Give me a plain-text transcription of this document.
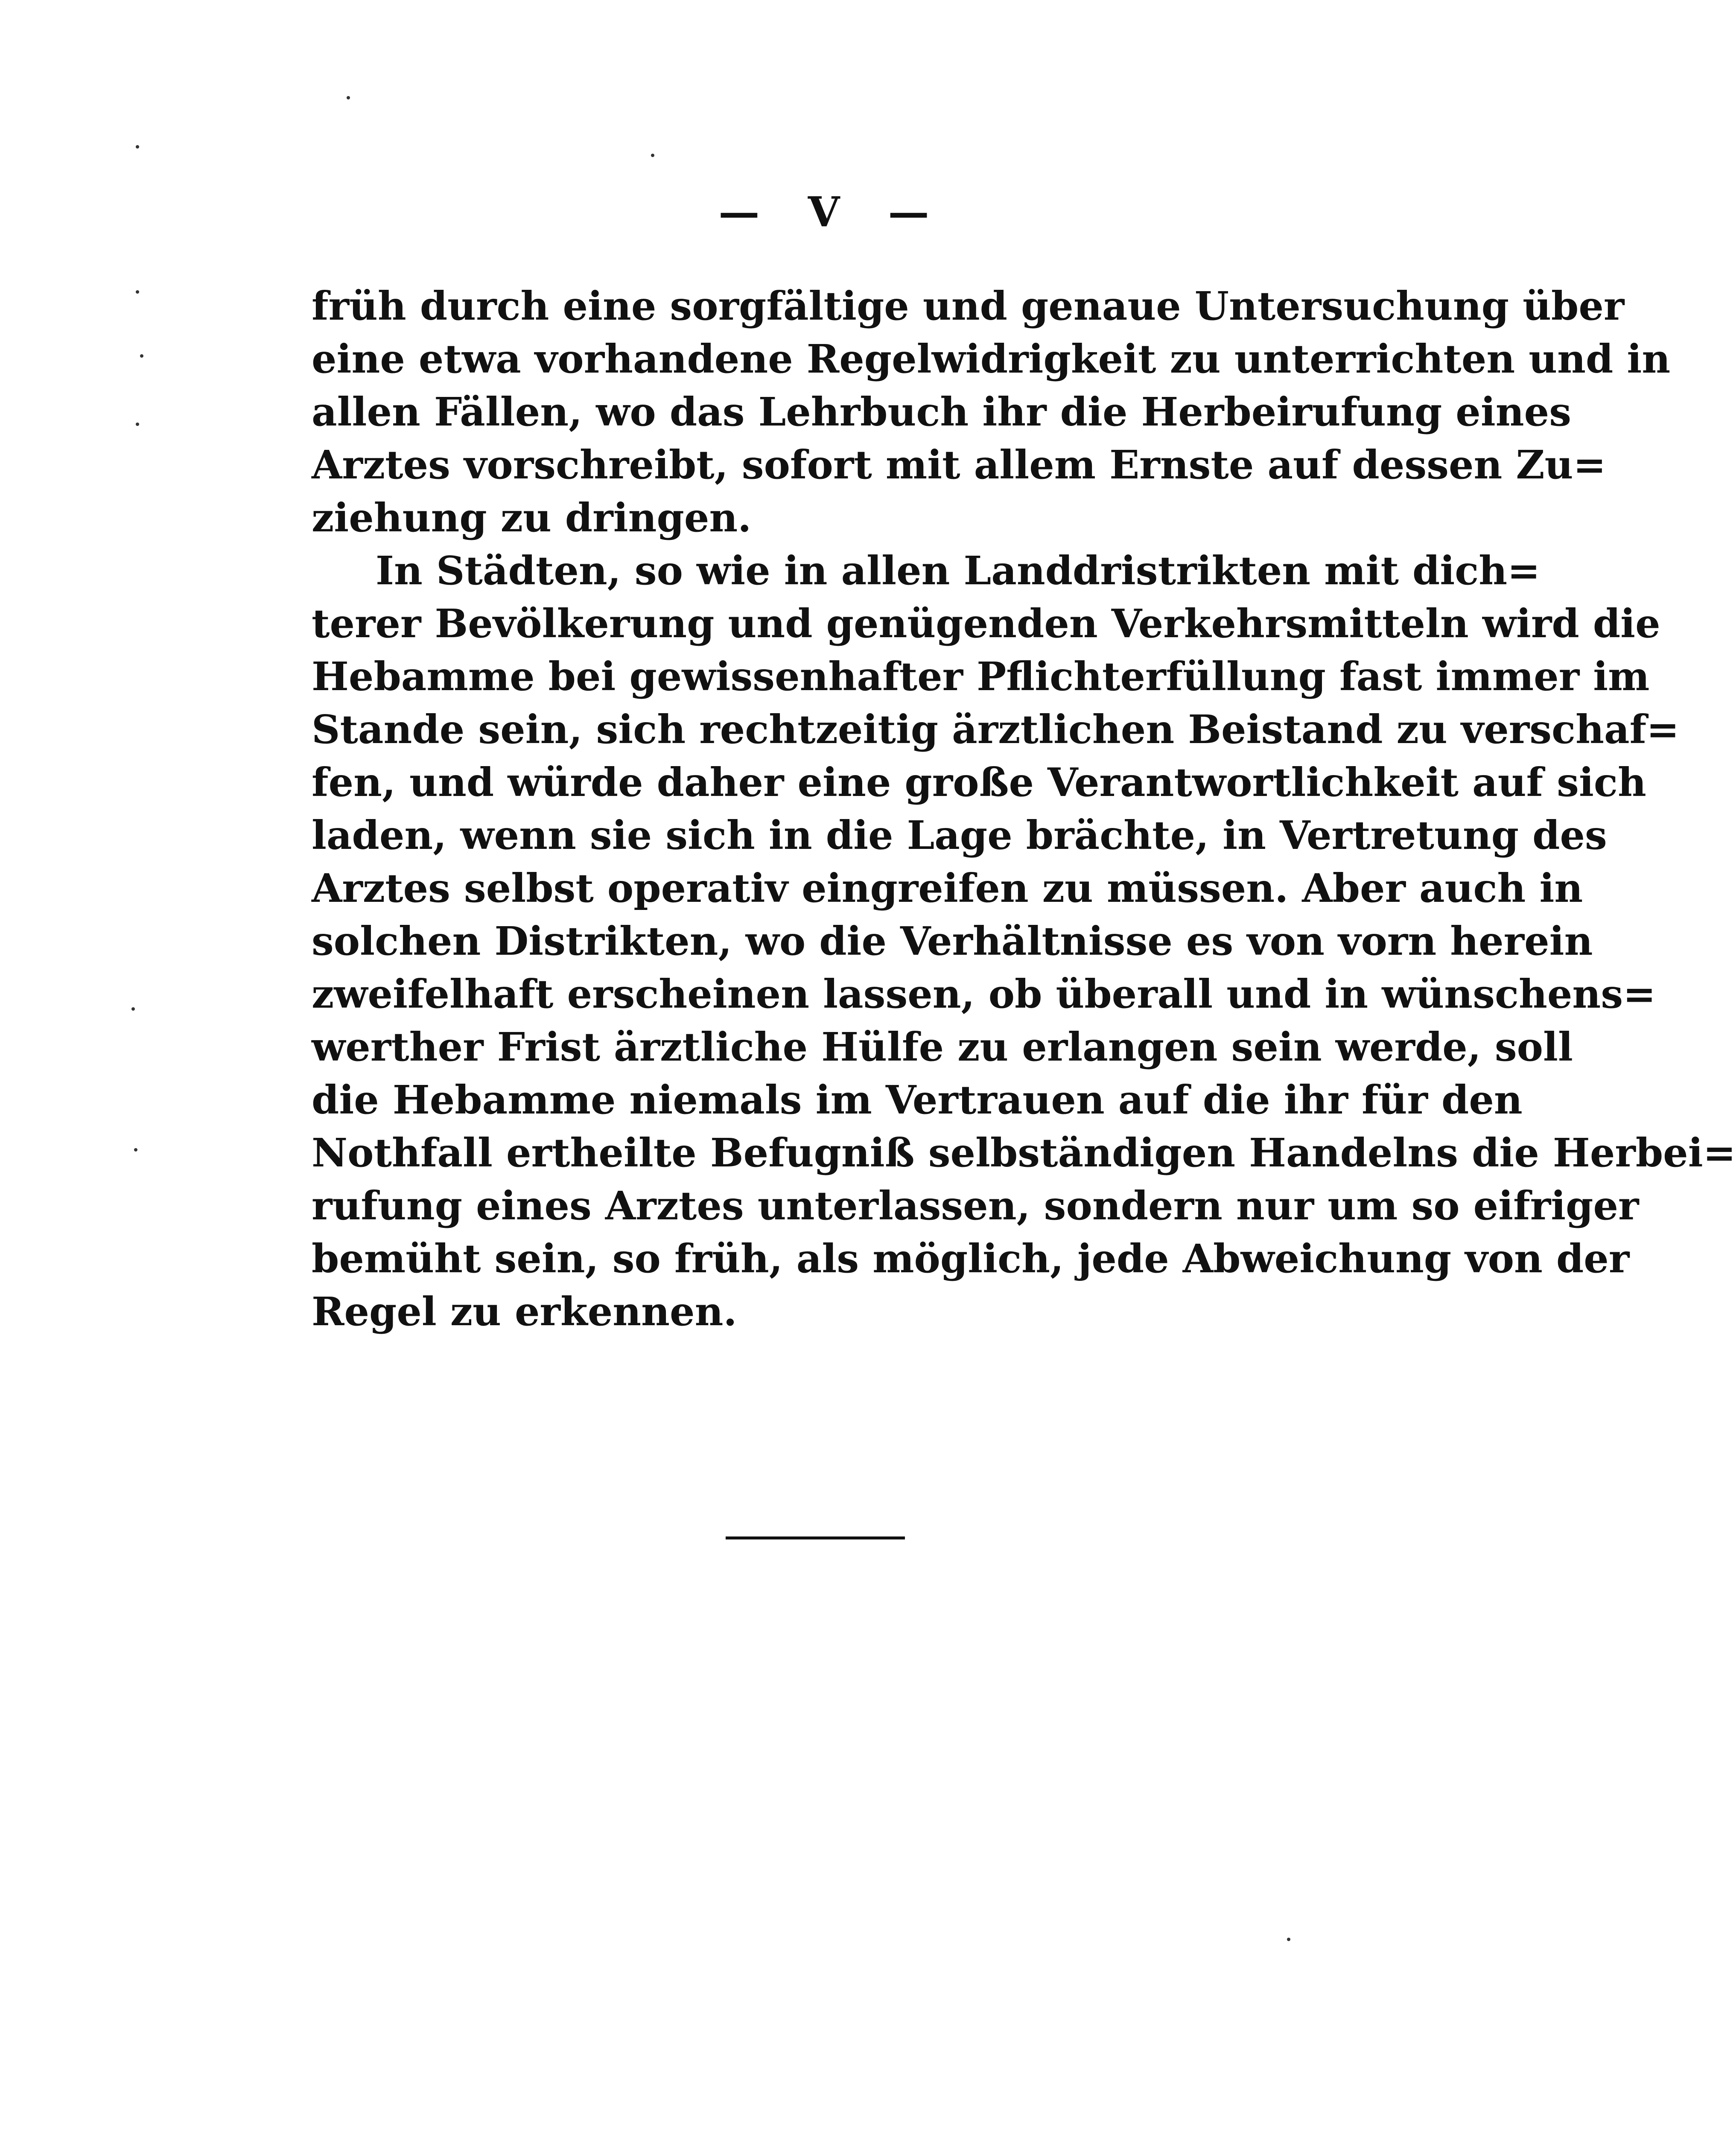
— V —
früh durch eine sorgfältige und genaue Untersuchung über
eine etwa vorhandene Regelwidrigkeit zu unterrichten und in
allen Fällen, wo das Lehrbuch ihr die Herbeirufung eines
Arztes vorschreibt, sofort mit allem Ernste auf dessen Zu=
ziehung zu dringen.
In Städten, so wie in allen Landdristrikten mit dich=
terer Bevölkerung und genügenden Verkehrsmitteln wird die
Hebamme bei gewissenhafter Pflichterfüllung fast immer im
Stande sein, sich rechtzeitig ärztlichen Beistand zu verschaf=
fen, und würde daher eine große Verantwortlichkeit auf sich
laden, wenn sie sich in die Lage brächte, in Vertretung des
Arztes selbst operativ eingreifen zu müssen. Aber auch in
solchen Distrikten, wo die Verhältnisse es von vorn herein
zweifelhaft erscheinen lassen, ob überall und in wünschens=
werther Frist ärztliche Hülfe zu erlangen sein werde, soll
die Hebamme niemals im Vertrauen auf die ihr für den
Nothfall ertheilte Befugniß selbständigen Handelns die Herbei=
rufung eines Arztes unterlassen, sondern nur um so eifriger
bemüht sein, so früh, als möglich, jede Abweichung von der
Regel zu erkennen.
